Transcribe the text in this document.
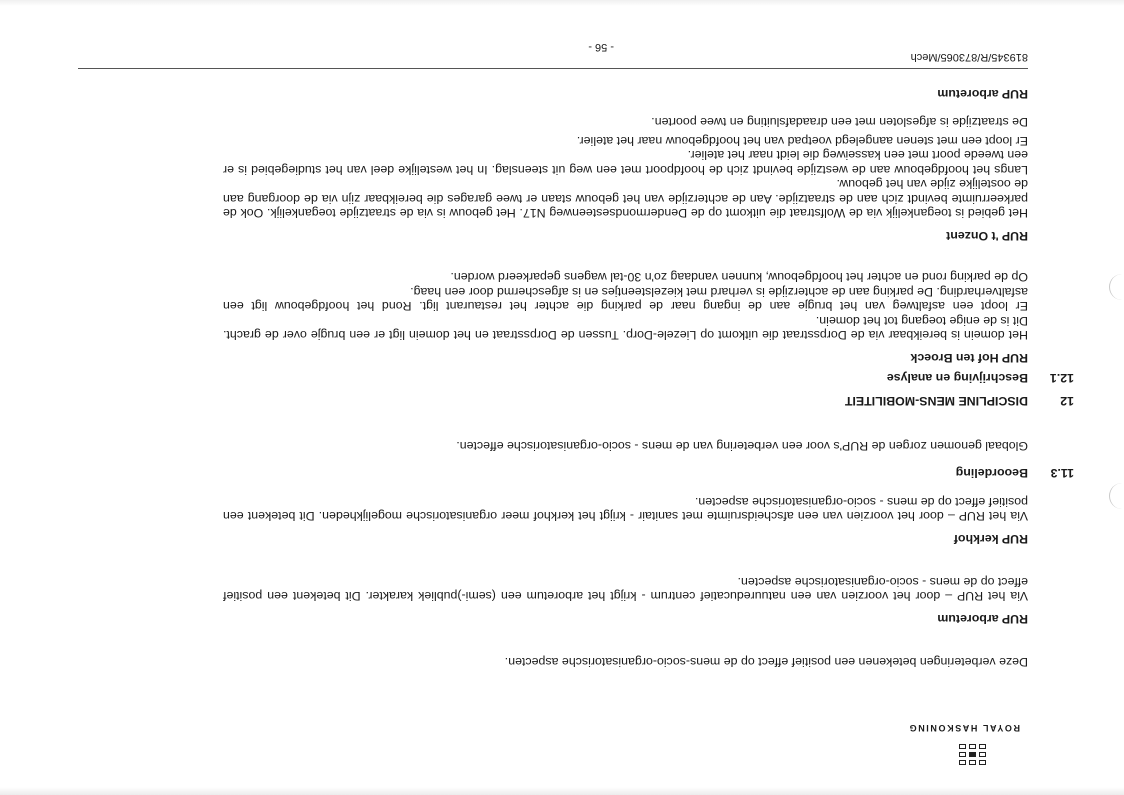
ROYAL HASKONING

Deze verbeteringen betekenen een positief effect op de mens-socio-organisatorische aspecten.

RUP arboretum

Via het RUP – door het voorzien van een natuureducatief centrum - krijgt het arboretum een (semi-)publiek karakter. Dit betekent een positief effect op de mens - socio-organisatorische aspecten.

RUP kerkhof

Via het RUP – door het voorzien van een afscheidsruimte met sanitair - krijgt het kerkhof meer organisatorische mogelijkheden. Dit betekent een positief effect op de mens - socio-organisatorische aspecten.

11.3
Beoordeling

Globaal genomen zorgen de RUP's voor een verbetering van de mens - socio-organisatorische effecten.

12
DISCIPLINE MENS-MOBILITEIT
12.1
Beschrijving en analyse

RUP Hof ten Broeck

Het domein is bereikbaar via de Dorpsstraat die uitkomt op Liezele-Dorp. Tussen de Dorpsstraat en het domein ligt er een brugje over de gracht. Dit is de enige toegang tot het domein.

Er loopt een asfaltweg van het brugje aan de ingang naar de parking die achter het restaurant ligt. Rond het hoofdgebouw ligt een asfaltverharding. De parking aan de achterzijde is verhard met kiezelsteentjes en is afgeschermd door een haag.

Op de parking rond en achter het hoofdgebouw, kunnen vandaag zo'n 30-tal wagens geparkeerd worden.

RUP 't Onzent

Het gebied is toegankelijk via de Wolfstraat die uitkomt op de Dendermondsesteenweg N17. Het gebouw is via de straatzijde toegankelijk. Ook de parkeerruimte bevindt zich aan de straatzijde. Aan de achterzijde van het gebouw staan er twee garages die bereikbaar zijn via de doorgang aan de oostelijke zijde van het gebouw.

Langs het hoofdgebouw aan de westzijde bevindt zich de hoofdpoort met een weg uit steenslag. In het westelijke deel van het studiegebied is er een tweede poort met een kasseiweg die leidt naar het atelier.

Er loopt een met stenen aangelegd voetpad van het hoofdgebouw naar het atelier.

De straatzijde is afgesloten met een draadafsluiting en twee poorten.

RUP arboretum

819345/R/873065/Mech
- 56 -
